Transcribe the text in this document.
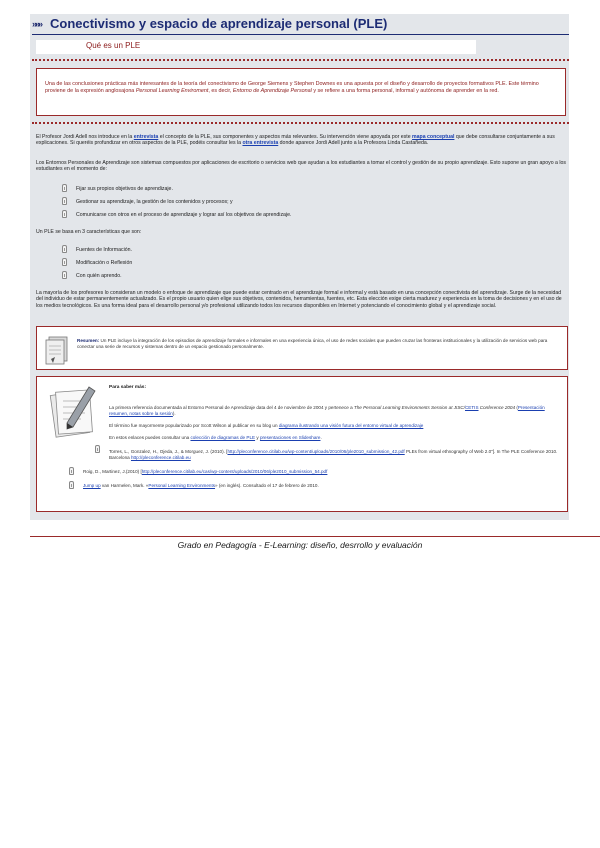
»»» Conectivismo y espacio de aprendizaje personal (PLE)
Qué es un PLE

Una de las conclusiones prácticas más interesantes de la teoría del conectivismo de George Siemens y Stephen Downes es una apuesta por el diseño y desarrollo de proyectos formativos PLE. Este término proviene de la expresión anglosajona Personal Learning Enviroment, es decir, Entorno de Aprendizaje Personal y se refiere a una forma personal, informal y autónoma de aprender en la red.

El Profesor Jordi Adell nos introduce en la entrevista el concepto de la PLE, sus componentes y aspectos más relevantes. Su intervención viene apoyada por este mapa conceptual que debe consultarse conjuntamente a sus explicaciones. Si queréis profundizar en otros aspectos de la PLE, podéis consultar les la otra entrevista donde aparece Jordi Adell junto a la Profesora Linda Castañeda.

Los Entornos Personales de Aprendizaje son sistemas compuestos por aplicaciones de escritorio o servicios web que ayudan a los estudiantes a tomar el control y gestión de su propio aprendizaje. Esto supone un gran apoyo a los estudiantes en el momento de:

Fijar sus propios objetivos de aprendizaje.
Gestionar su aprendizaje, la gestión de los contenidos y procesos; y
Comunicarse con otros en el proceso de aprendizaje y lograr así los objetivos de aprendizaje.

Un PLE se basa en 3 características que son:

Fuentes de Información.
Modificación o Reflexión
Con quién aprendo.

La mayoría de los profesores lo consideran un modelo o enfoque de aprendizaje que puede estar centrado en el aprendizaje formal e informal y está basado en una concepción conectivista del aprendizaje. Surge de la necesidad del individuo de estar permanentemente actualizado. Es el propio usuario quien elige sus objetivos, contenidos, herramientas, fuentes, etc. Esta elección exige cierta madurez y experiencia en la toma de decisiones y en el uso de los medios tecnológicos. Es una forma ideal para el desarrollo personal y/o profesional utilizando todos los recursos disponibles en Internet y potenciando el conocimiento global y el aprendizaje social.

Resumen: Un PLE incluye la integración de los episodios de aprendizaje formales e informales en una experiencia única, el uso de redes sociales que pueden cruzar las fronteras institucionales y la utilización de servicios web para conectar una serie de recursos y sistemas dentro de un espacio gestionado personalmente.
Para saber más:
La primera referencia documentada al Entorno Personal de Aprendizaje data del 4 de noviembre de 2004 y pertenece a The Personal Learning Environments Session at JISC/CETIS Conference 2004 (Presentación resumen, notas sobre la sesión).
El término fue mayormente popularizado por Scott Wilson al publicar en su blog un diagrama ilustrando una visión futura del entorno virtual de aprendizaje
En estos enlaces puedes consultar una colección de diagramas de PLE y presentaciones en Slideshare.
Torres, L., Gonzalez, H., Ojeda, J., & Morguez, J. (2010). [http://pleconference.citilab.eu/wp-content/uploads/2010/06/ple2010_submission_42.pdf PLEs from virtual ethnography of Web 2.0"]. In The PLE Conference 2010. Barcelona http://pleconference.citilab.eu
Roig, D., Martinez, J.(2010) [http://pleconference.citilab.eu/cas/wp-content/uploads/2010/06/ple2010_submission_54.pdf
Jump up van Harmelen, Mark. «Personal Learning Environments» (en inglés). Consultado el 17 de febrero de 2010.
Grado en Pedagogía - E-Learning: diseño, desrrollo y evaluación
